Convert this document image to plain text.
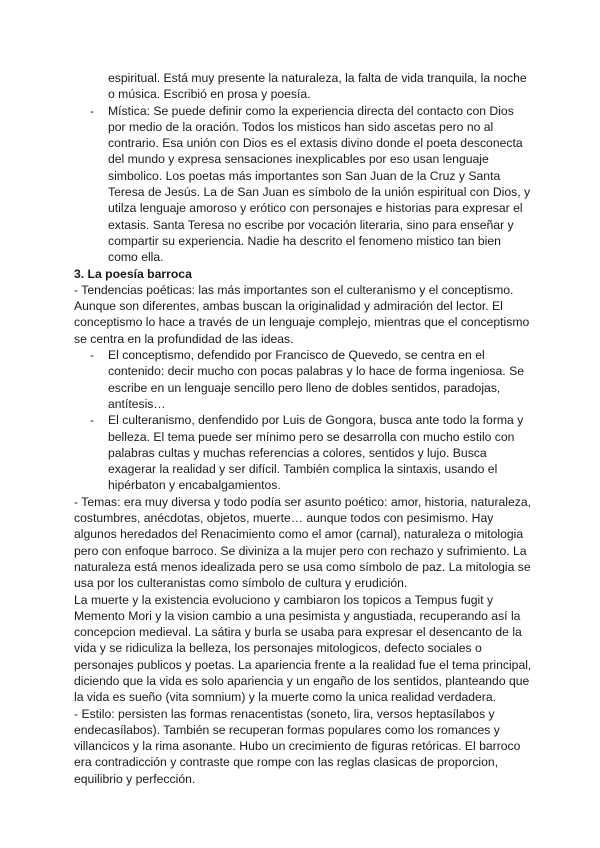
espiritual. Está muy presente la naturaleza, la falta de vida tranquila, la noche o música. Escribió en prosa y poesía.

- Mística: Se puede definir como la experiencia directa del contacto con Dios por medio de la oración. Todos los misticos han sido ascetas pero no al contrario. Esa unión con Dios es el extasis divino donde el poeta desconecta del mundo y expresa sensaciones inexplicables por eso usan lenguaje simbolico. Los poetas más importantes son San Juan de la Cruz y Santa Teresa de Jesús. La de San Juan es símbolo de la unión espiritual con Dios, y utilza lenguaje amoroso y erótico con personajes e historias para expresar el extasis. Santa Teresa no escribe por vocación literaria, sino para enseñar y compartir su experiencia. Nadie ha descrito el fenomeno mistico tan bien como ella.

3. La poesía barroca

- Tendencias poéticas: las más importantes son el culteranismo y el conceptismo. Aunque son diferentes, ambas buscan la originalidad y admiración del lector. El conceptismo lo hace a través de un lenguaje complejo, mientras que el conceptismo se centra en la profundidad de las ideas.

- El conceptismo, defendido por Francisco de Quevedo, se centra en el contenido: decir mucho con pocas palabras y lo hace de forma ingeniosa. Se escribe en un lenguaje sencillo pero lleno de dobles sentidos, paradojas, antítesis…

- El culteranismo, denfendido por Luis de Gongora, busca ante todo la forma y belleza. El tema puede ser mínimo pero se desarrolla con mucho estilo con palabras cultas y muchas referencias a colores, sentidos y lujo. Busca exagerar la realidad y ser difícil. También complica la sintaxis, usando el hipérbaton y encabalgamientos.

- Temas: era muy diversa y todo podía ser asunto poético: amor, historia, naturaleza, costumbres, anécdotas, objetos, muerte… aunque todos con pesimismo. Hay algunos heredados del Renacimiento como el amor (carnal), naturaleza o mitologia pero con enfoque barroco. Se diviniza a la mujer pero con rechazo y sufrimiento. La naturaleza está menos idealizada pero se usa como símbolo de paz. La mitologia se usa por los culteranistas como símbolo de cultura y erudición.

La muerte y la existencia evoluciono y cambiaron los topicos a Tempus fugit y Memento Mori y la vision cambio a una pesimista y angustiada, recuperando así la concepcion medieval. La sátira y burla se usaba para expresar el desencanto de la vida y se ridiculiza la belleza, los personajes mitologicos, defecto sociales o personajes publicos y poetas. La apariencia frente a la realidad fue el tema principal, diciendo que la vida es solo apariencia y un engaño de los sentidos, planteando que la vida es sueño (vita somnium) y la muerte como la unica realidad verdadera.

- Estilo: persisten las formas renacentistas (soneto, lira, versos heptasílabos y endecasílabos). También se recuperan formas populares como los romances y villancicos y la rima asonante. Hubo un crecimiento de figuras retóricas. El barroco era contradicción y contraste que rompe con las reglas clasicas de proporcion, equilibrio y perfección.
